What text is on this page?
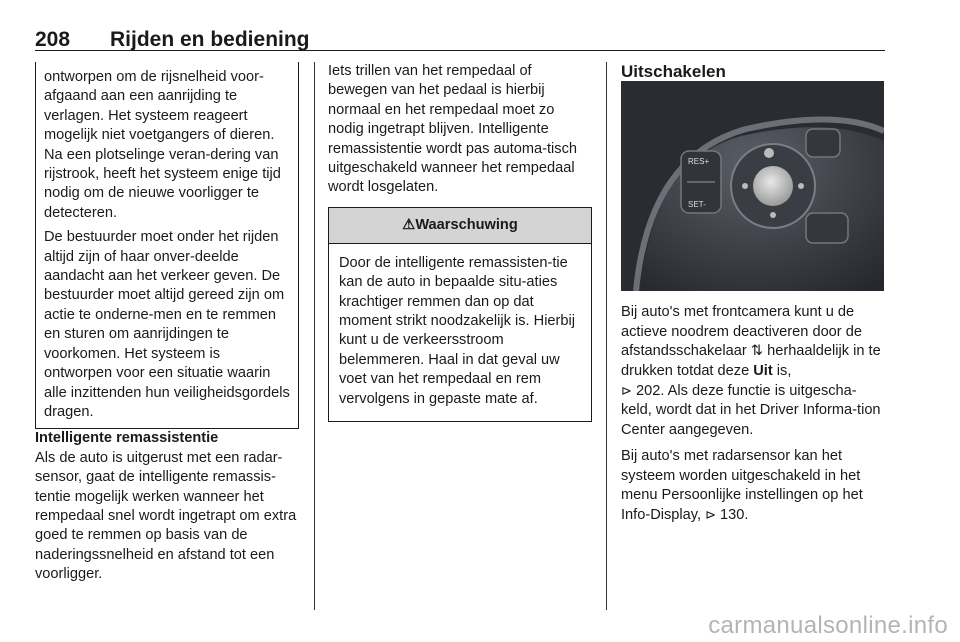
208 Rijden en bediening

ontworpen om de rijsnelheid voor-afgaand aan een aanrijding te verlagen. Het systeem reageert mogelijk niet voetgangers of dieren. Na een plotselinge veran-dering van rijstrook, heeft het systeem enige tijd nodig om de nieuwe voorligger te detecteren.

De bestuurder moet onder het rijden altijd zijn of haar onver-deelde aandacht aan het verkeer geven. De bestuurder moet altijd gereed zijn om actie te onderne-men en te remmen en sturen om aanrijdingen te voorkomen. Het systeem is ontworpen voor een situatie waarin alle inzittenden hun veiligheidsgordels dragen.

Intelligente remassistentie

Als de auto is uitgerust met een radar-sensor, gaat de intelligente remassis-tentie mogelijk werken wanneer het rempedaal snel wordt ingetrapt om extra goed te remmen op basis van de naderingssnelheid en afstand tot een voorligger.

Iets trillen van het rempedaal of bewegen van het pedaal is hierbij normaal en het rempedaal moet zo nodig ingetrapt blijven. Intelligente remassistentie wordt pas automa-tisch uitgeschakeld wanneer het rempedaal wordt losgelaten.

⚠ Waarschuwing

Door de intelligente remassisten-tie kan de auto in bepaalde situ-aties krachtiger remmen dan op dat moment strikt noodzakelijk is. Hierbij kunt u de verkeersstroom belemmeren. Haal in dat geval uw voet van het rempedaal en rem vervolgens in gepaste mate af.

Uitschakelen

RES+
SET-

Bij auto's met frontcamera kunt u de actieve noodrem deactiveren door de afstandsschakelaar ⇅ herhaaldelijk in te drukken totdat deze Uit is,
⊳ 202. Als deze functie is uitgescha-keld, wordt dat in het Driver Informa-tion Center aangegeven.

Bij auto's met radarsensor kan het systeem worden uitgeschakeld in het menu Persoonlijke instellingen op het Info-Display, ⊳ 130.

carmanualsonline.info
